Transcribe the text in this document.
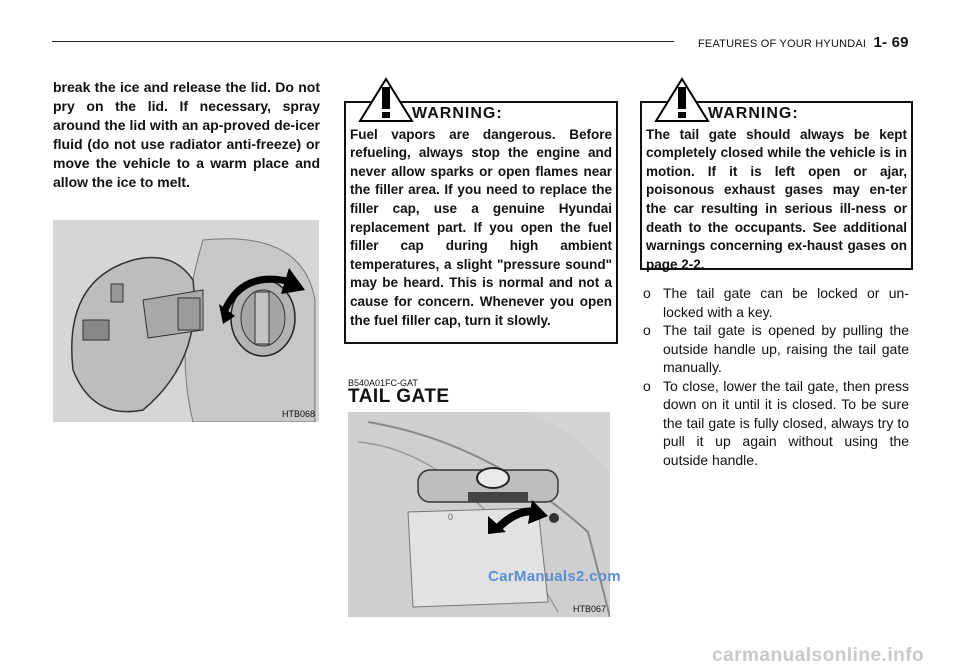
FEATURES OF YOUR HYUNDAI 1- 69
break the ice and release the lid. Do not pry on the lid. If necessary, spray around the lid with an ap-proved de-icer fluid (do not use radiator anti-freeze) or move the vehicle to a warm place and allow the ice to melt.
HTB068
WARNING:
Fuel vapors are dangerous. Before refueling, always stop the engine and never allow sparks or open flames near the filler area. If you need to replace the filler cap, use a genuine Hyundai replacement part. If you open the fuel filler cap during high ambient temperatures, a slight "pressure sound" may be heard. This is normal and not a cause for concern. Whenever you open the fuel filler cap, turn it slowly.
B540A01FC-GAT
TAIL GATE
0
HTB067
CarManuals2.com
WARNING:
The tail gate should always be kept completely closed while the vehicle is in motion. If it is left open or ajar, poisonous exhaust gases may en-ter the car resulting in serious ill-ness or death to the occupants. See additional warnings concerning ex-haust gases on page 2-2.
o The tail gate can be locked or un-locked with a key.
o The tail gate is opened by pulling the outside handle up, raising the tail gate manually.
o To close, lower the tail gate, then press down on it until it is closed. To be sure the tail gate is fully closed, always try to pull it up again without using the outside handle.
carmanualsonline.info
